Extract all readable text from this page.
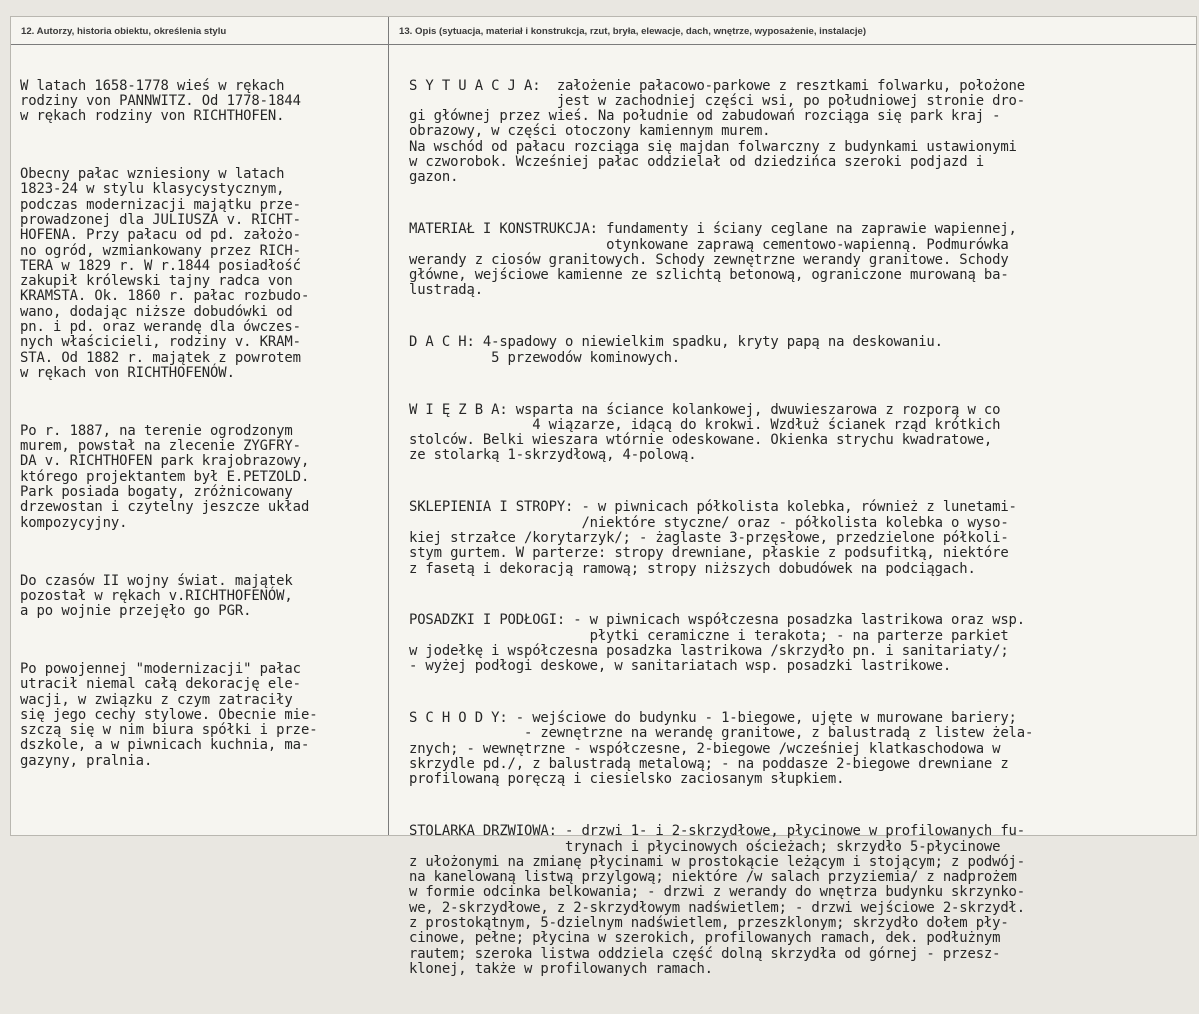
12. Autorzy, historia obiektu, określenia stylu	13. Opis (sytuacja, materiał i konstrukcja, rzut, bryła, elewacje, dach, wnętrze, wyposażenie, instalacje)

W latach 1658-1778 wieś w rękach
rodziny von PANNWITZ. Od 1778-1844
w rękach rodziny von RICHTHOFEN.

Obecny pałac wzniesiony w latach
1823-24 w stylu klasycystycznym,
podczas modernizacji majątku prze-
prowadzonej dla JULIUSZA v. RICHT-
HOFENA. Przy pałacu od pd. założo-
no ogród, wzmiankowany przez RICH-
TERA w 1829 r. W r.1844 posiadłość
zakupił królewski tajny radca von
KRAMSTA. Ok. 1860 r. pałac rozbudo-
wano, dodając niższe dobudówki od
pn. i pd. oraz werandę dla ówczes-
nych właścicieli, rodziny v. KRAM-
STA. Od 1882 r. majątek z powrotem
w rękach von RICHTHOFENÓW.

Po r. 1887, na terenie ogrodzonym
murem, powstał na zlecenie ZYGFRY-
DA v. RICHTHOFEN park krajobrazowy,
którego projektantem był E.PETZOLD.
Park posiada bogaty, zróżnicowany
drzewostan i czytelny jeszcze układ
kompozycyjny.

Do czasów II wojny świat. majątek
pozostał w rękach v.RICHTHOFENÓW,
a po wojnie przejęło go PGR.

Po powojennej "modernizacji" pałac
utracił niemal całą dekorację ele-
wacji, w związku z czym zatraciły
się jego cechy stylowe. Obecnie mie-
szczą się w nim biura spółki i prze-
dszkole, a w piwnicach kuchnia, ma-
gazyny, pralnia.

S Y T U A C J A:  założenie pałacowo-parkowe z resztkami folwarku, położone
jest w zachodniej części wsi, po południowej stronie dro-
gi głównej przez wieś. Na południe od zabudowań rozciąga się park kraj -
obrazowy, w części otoczony kamiennym murem.
Na wschód od pałacu rozciąga się majdan folwarczny z budynkami ustawionymi
w czworobok. Wcześniej pałac oddzielał od dziedzińca szeroki podjazd i
gazon.

MATERIAŁ I KONSTRUKCJA: fundamenty i ściany ceglane na zaprawie wapiennej,
otynkowane zaprawą cementowo-wapienną. Podmurówka
werandy z ciosów granitowych. Schody zewnętrzne werandy granitowe. Schody
główne, wejściowe kamienne ze szlichtą betonową, ograniczone murowaną ba-
lustradą.

D A C H: 4-spadowy o niewielkim spadku, kryty papą na deskowaniu.
5 przewodów kominowych.

W I Ę Z B A: wsparta na ściance kolankowej, dwuwieszarowa z rozporą w co
4 wiązarze, idącą do krokwi. Wzdłuż ścianek rząd krótkich
stolców. Belki wieszara wtórnie odeskowane. Okienka strychu kwadratowe,
ze stolarką 1-skrzydłową, 4-polową.

SKLEPIENIA I STROPY: - w piwnicach półkolista kolebka, również z lunetami-
/niektóre styczne/ oraz - półkolista kolebka o wyso-
kiej strzałce /korytarzyk/; - żaglaste 3-przęsłowe, przedzielone półkoli-
stym gurtem. W parterze: stropy drewniane, płaskie z podsufitką, niektóre
z fasetą i dekoracją ramową; stropy niższych dobudówek na podciągach.

POSADZKI I PODŁOGI: - w piwnicach współczesna posadzka lastrikowa oraz wsp.
płytki ceramiczne i terakota; - na parterze parkiet
w jodełkę i współczesna posadzka lastrikowa /skrzydło pn. i sanitariaty/;
- wyżej podłogi deskowe, w sanitariatach wsp. posadzki lastrikowe.

S C H O D Y: - wejściowe do budynku - 1-biegowe, ujęte w murowane bariery;
- zewnętrzne na werandę granitowe, z balustradą z listew żela-
znych; - wewnętrzne - współczesne, 2-biegowe /wcześniej klatkaschodowa w
skrzydle pd./, z balustradą metalową; - na poddasze 2-biegowe drewniane z
profilowaną poręczą i ciesielsko zaciosanym słupkiem.

STOLARKA DRZWIOWA: - drzwi 1- i 2-skrzydłowe, płycinowe w profilowanych fu-
trynach i płycinowych ościeżach; skrzydło 5-płycinowe
z ułożonymi na zmianę płycinami w prostokącie leżącym i stojącym; z podwój-
na kanelowaną listwą przylgową; niektóre /w salach przyziemia/ z nadprożem
w formie odcinka belkowania; - drzwi z werandy do wnętrza budynku skrzynko-
we, 2-skrzydłowe, z 2-skrzydłowym nadświetlem; - drzwi wejściowe 2-skrzydł.
z prostokątnym, 5-dzielnym nadświetlem, przeszklonym; skrzydło dołem pły-
cinowe, pełne; płycina w szerokich, profilowanych ramach, dek. podłużnym
rautem; szeroka listwa oddziela część dolną skrzydła od górnej - przesz-
klonej, także w profilowanych ramach.
